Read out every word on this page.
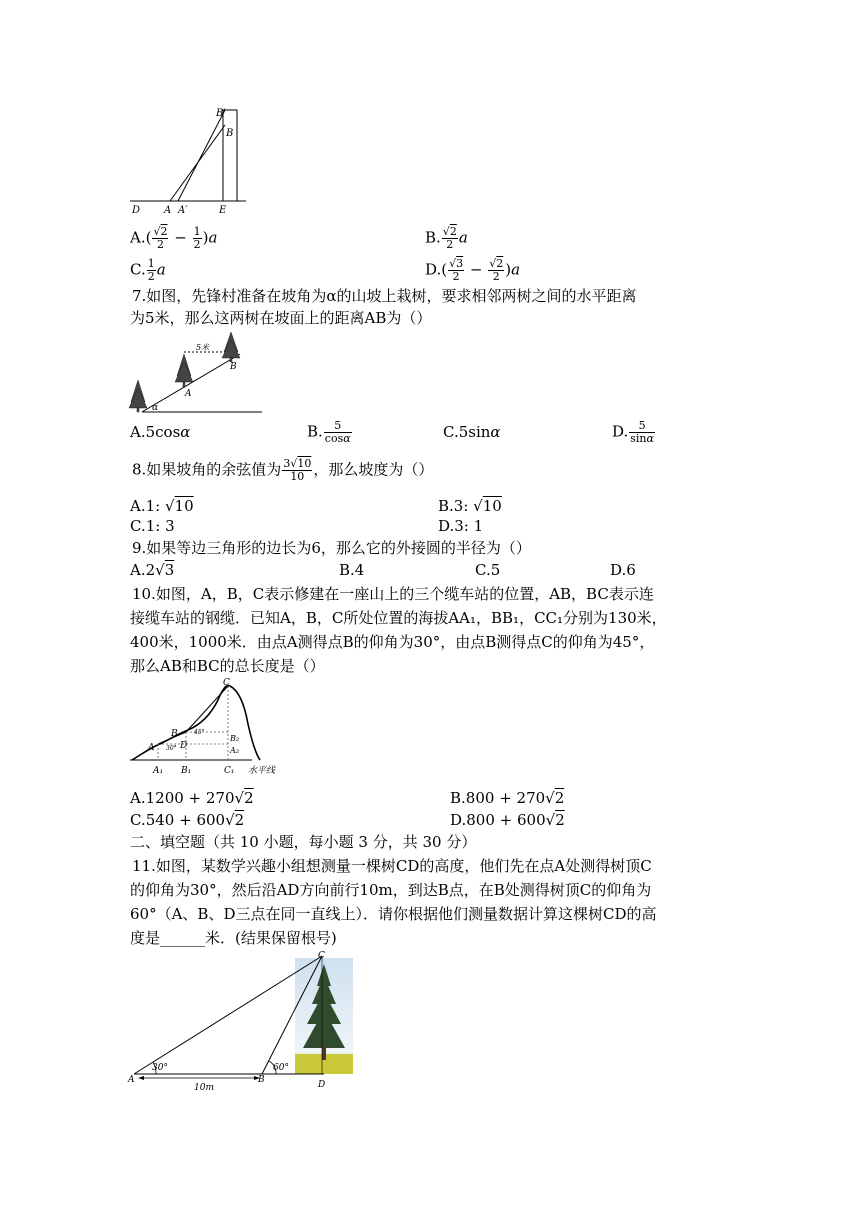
B′
B
D A A′	E
$A.( \frac{√2}{2} - \frac{1}{2} )a$	B. $\frac{√2}{2}$ a
C. $\frac{1}{2}$ a	$D.( \frac{√3}{2} - \frac{√2}{2} )a$
7.如图，先锋村准备在坡角为α的山坡上栽树，要求相邻两树之间的水平距离
为5米，那么这两树在坡面上的距离AB为（）
5米
A
B
α
A.5cosα	B. $\frac{5}{\cos\alpha}$	C.5sinα	D. $\frac{5}{\sin\alpha}$
8.如果坡角的余弦值为 $\frac{3√10}{10}$ ，那么坡度为（）
A.1: √10	B.3: √10
C.1: 3	D.3: 1
9.如果等边三角形的边长为6，那么它的外接圆的半径为（）
A.2√3	B.4	C.5	D.6
10.如图，A，B，C表示修建在一座山上的三个缆车站的位置，AB，BC表示连
接缆车站的钢缆．已知A，B，C所处位置的海拔AA₁，BB₁，CC₁分别为130米，
400米，1000米．由点A测得点B的仰角为30°，由点B测得点C的仰角为45°，
那么AB和BC的总长度是（）
C
B
A	D
45°
30°
B₂
A₂
A₁ B₁	C₁ 水平线
A.1200 + 270√2	B.800 + 270√2
C.540 + 600√2	D.800 + 600√2
二、填空题（共 10 小题，每小题 3 分，共 30 分）
11.如图，某数学兴趣小组想测量一棵树CD的高度，他们先在点A处测得树顶C
的仰角为30°，然后沿AD方向前行10m，到达B点，在B处测得树顶C的仰角为
60°（A、B、D三点在同一直线上）．请你根据他们测量数据计算这棵树CD的高
度是______米．(结果保留根号)
C
30°	60°
A	B	D
10m
